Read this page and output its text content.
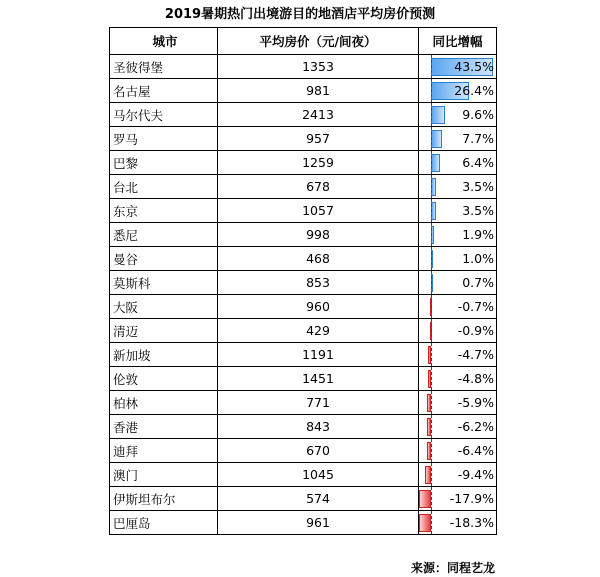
2019暑期热门出境游目的地酒店平均房价预测
城市	平均房价（元/间夜）	同比增幅
圣彼得堡	1353	43.5%

名古屋	981	26.4%

马尔代夫	2413	9.6%

罗马	957	7.7%

巴黎	1259	6.4%

台北	678	3.5%

东京	1057	3.5%

悉尼	998	1.9%

曼谷	468	1.0%

莫斯科	853	0.7%

大阪	960	-0.7%

清迈	429	-0.9%

新加坡	1191	-4.7%

伦敦	1451	-4.8%

柏林	771	-5.9%

香港	843	-6.2%

迪拜	670	-6.4%

澳门	1045	-9.4%

伊斯坦布尔	574	-17.9%

巴厘岛	961	-18.3%
来源：同程艺龙
